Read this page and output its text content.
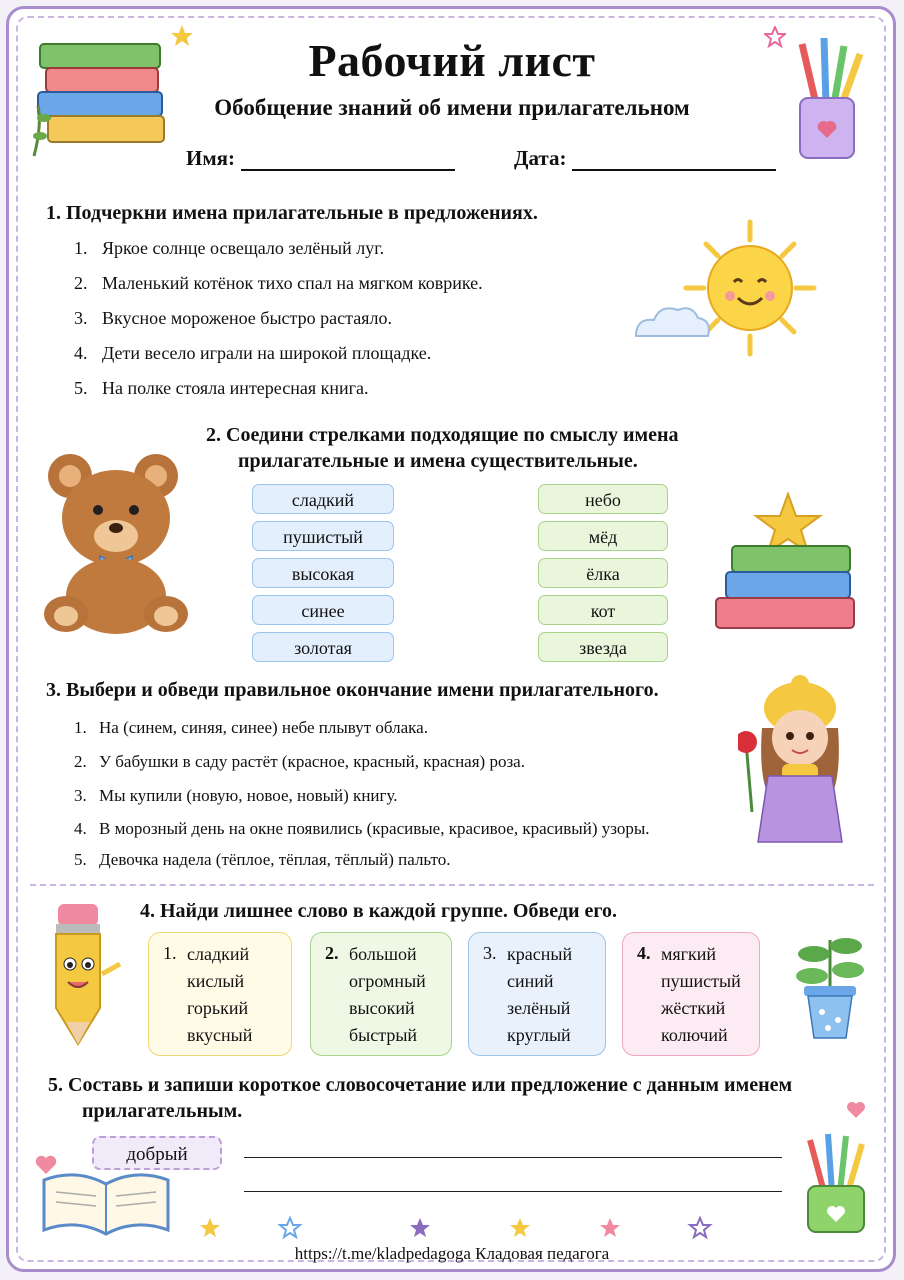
Рабочий лист
Обобщение знаний об имени прилагательном
Имя:	Дата:
1. Подчеркни имена прилагательные в предложениях.
1. Яркое солнце освещало зелёный луг.
2. Маленький котёнок тихо спал на мягком коврике.
3. Вкусное мороженое быстро растаяло.
4. Дети весело играли на широкой площадке.
5. На полке стояла интересная книга.
2. Соедини стрелками подходящие по смыслу имена
прилагательные и имена существительные.
сладкий
пушистый
высокая
синее
золотая
небо
мёд
ёлка
кот
звезда
3. Выбери и обведи правильное окончание имени прилагательного.
1. На (синем, синяя, синее) небе плывут облака.
2. У бабушки в саду растёт (красное, красный, красная) роза.
3. Мы купили (новую, новое, новый) книгу.
4. В морозный день на окне появились (красивые, красивое, красивый) узоры.
5. Девочка надела (тёплое, тёплая, тёплый) пальто.
4. Найди лишнее слово в каждой группе. Обведи его.
1. сладкий
кислый
горький
вкусный
2. большой
огромный
высокий
быстрый
3. красный
синий
зелёный
круглый
4. мягкий
пушистый
жёсткий
колючий
5. Составь и запиши короткое словосочетание или предложение с данным именем
прилагательным.
добрый
https://t.me/kladpedagoga Кладовая педагога
